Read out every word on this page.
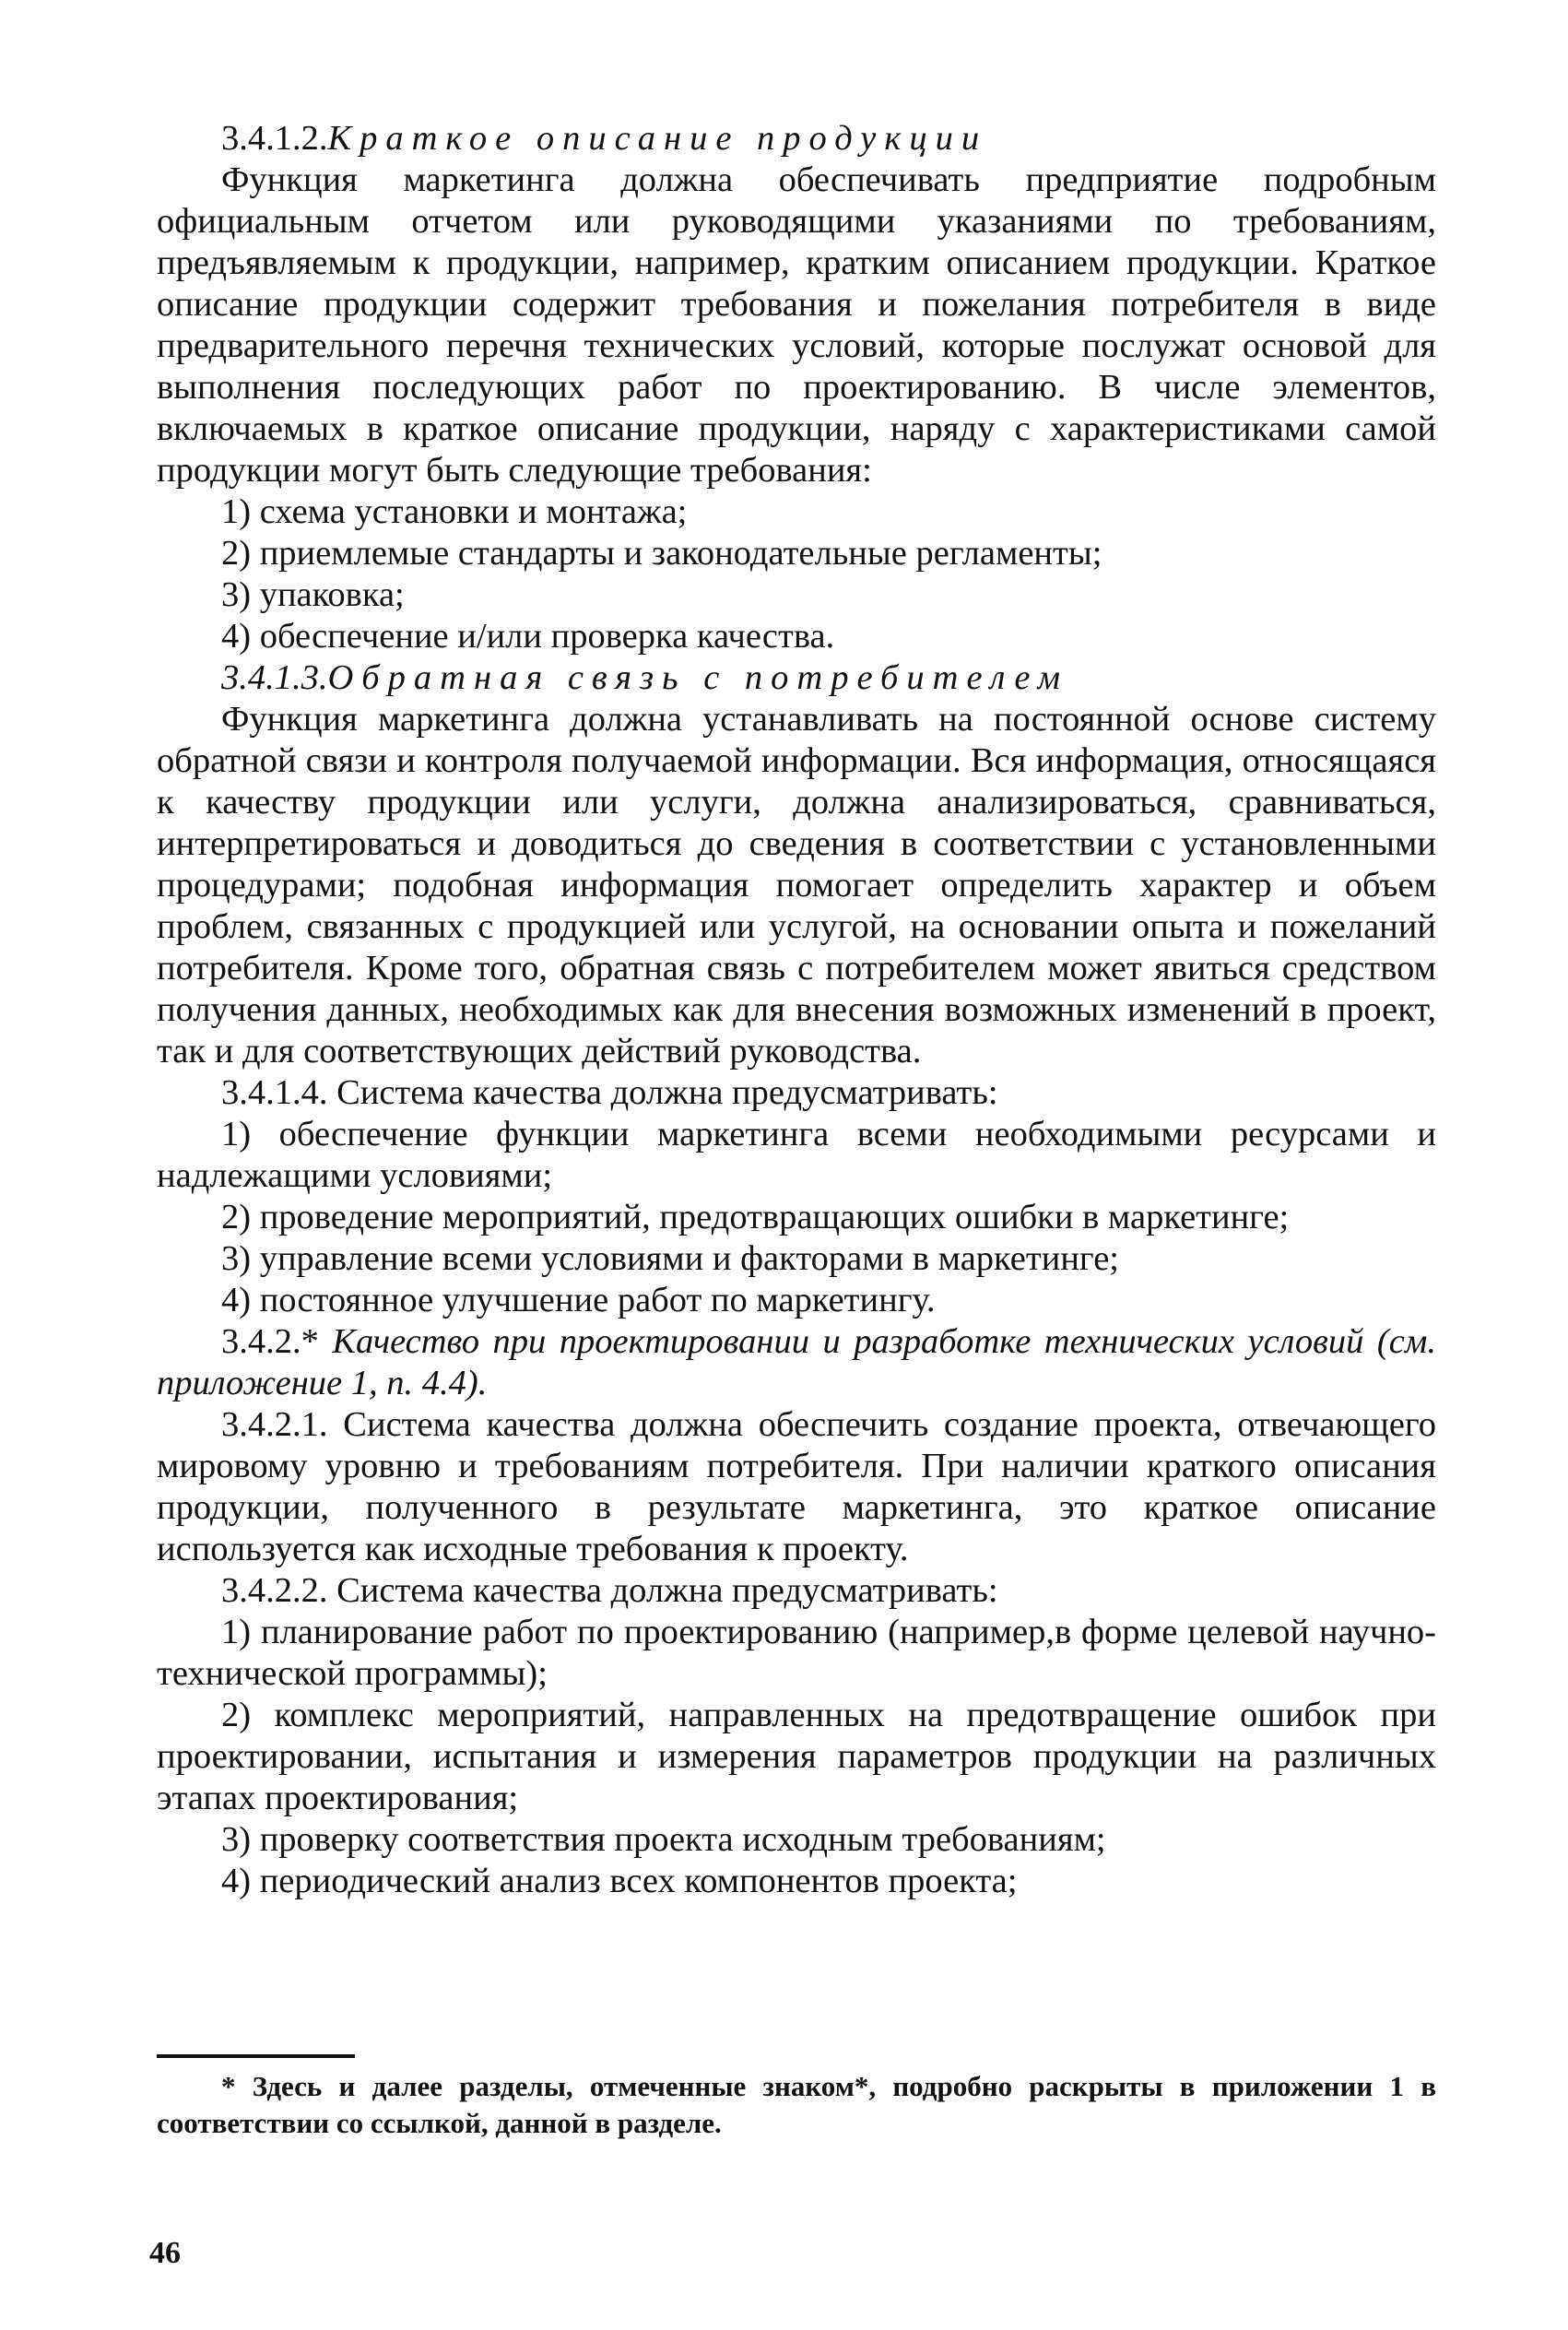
3.4.1.2.Краткое описание продукции

Функция маркетинга должна обеспечивать предприятие подробным официальным отчетом или руководящими указаниями по требованиям, предъявляемым к продукции, например, кратким описанием продукции. Краткое описание продукции содержит требования и пожелания потребителя в виде предварительного перечня технических условий, которые послужат основой для выполнения последующих работ по проектированию. В числе элементов, включаемых в краткое описание продукции, наряду с характеристиками самой продукции могут быть следующие требования:

1) схема установки и монтажа;

2) приемлемые стандарты и законодательные регламенты;

3) упаковка;

4) обеспечение и/или проверка качества.

3.4.1.3.Обратная связь с потребителем

Функция маркетинга должна устанавливать на постоянной основе систему обратной связи и контроля получаемой информации. Вся информация, относящаяся к качеству продукции или услуги, должна анализироваться, сравниваться, интерпретироваться и доводиться до сведения в соответствии с установленными процедурами; подобная информация помогает определить характер и объем проблем, связанных с продукцией или услугой, на основании опыта и пожеланий потребителя. Кроме того, обратная связь с потребителем может явиться средством получения данных, необходимых как для внесения возможных изменений в проект, так и для соответствующих действий руководства.

3.4.1.4. Система качества должна предусматривать:

1) обеспечение функции маркетинга всеми необходимыми ресурсами и надлежащими условиями;

2) проведение мероприятий, предотвращающих ошибки в маркетинге;

3) управление всеми условиями и факторами в маркетинге;

4) постоянное улучшение работ по маркетингу.

3.4.2.* Качество при проектировании и разработке технических условий (см. приложение 1, п. 4.4).

3.4.2.1. Система качества должна обеспечить создание проекта, отвечающего мировому уровню и требованиям потребителя. При наличии краткого описания продукции, полученного в результате маркетинга, это краткое описание используется как исходные требования к проекту.

3.4.2.2. Система качества должна предусматривать:

1) планирование работ по проектированию (например,в форме целевой научно-технической программы);

2) комплекс мероприятий, направленных на предотвращение ошибок при проектировании, испытания и измерения параметров продукции на различных этапах проектирования;

3) проверку соответствия проекта исходным требованиям;

4) периодический анализ всех компонентов проекта;

* Здесь и далее разделы, отмеченные знаком*, подробно раскрыты в приложении 1 в соответствии со ссылкой, данной в разделе.
46
